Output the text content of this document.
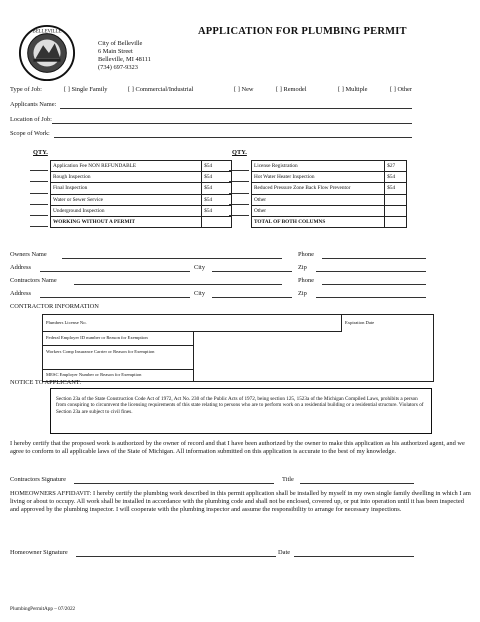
BELLEVILLE
City of Belleville
6 Main Street
Belleville, MI 48111
(734) 697-9323
APPLICATION FOR PLUMBING PERMIT
Type of Job:	[ ] Single Family	[ ] Commercial/Industrial	[ ] New	[ ] Remodel	[ ] Multiple	[ ] Other
Applicants Name:
Location of Job:
Scope of Work:
QTY.	QTY.
Application Fee NON REFUNDABLE	$54
Rough Inspection	$54
Final Inspection	$54
Water or Sewer Service	$54
Underground Inspection	$54
WORKING WITHOUT A PERMIT	
License Registration	$27
Hot Water Heater Inspection	$54
Reduced Pressure Zone Back Flow Preventor	$54
Other	
Other	
TOTAL OF BOTH COLUMNS	
Owners Name	Phone
Address	City	Zip
Contractors Name	Phone
Address	City	Zip
CONTRACTOR INFORMATION
Plumbers License No.	Expiration Date
Federal Employer ID number or Reason for Exemption
Workers Comp Insurance Carrier or Reason for Exemption
MESC Employer Number or Reason for Exemption
NOTICE TO APPLICANT:
Section 23a of the State Construction Code Act of 1972, Act No. 230 of the Public Acts of 1972, being section 125, 1523a of the Michigan Compiled Laws, prohibits a person from conspiring to circumvent the licensing requirements of this state relating to persons who are to perform work on a residential building or a residential structure. Violators of Section 23a are subject to civil fines.
I hereby certify that the proposed work is authorized by the owner of record and that I have been authorized by the owner to make this application as his authorized agent, and we agree to conform to all applicable laws of the State of Michigan. All information submitted on this application is accurate to the best of my knowledge.
Contractors Signature	Title
HOMEOWNERS AFFIDAVIT: I hereby certify the plumbing work described in this permit application shall be installed by myself in my own single family dwelling in which I am living or about to occupy. All work shall be installed in accordance with the plumbing code and shall not be enclosed, covered up, or put into operation until it has been inspected and approved by the plumbing inspector. I will cooperate with the plumbing inspector and assume the responsibility to arrange for necessary inspections.
Homeowner Signature	Date
PlumbingPermitApp – 07/2022
